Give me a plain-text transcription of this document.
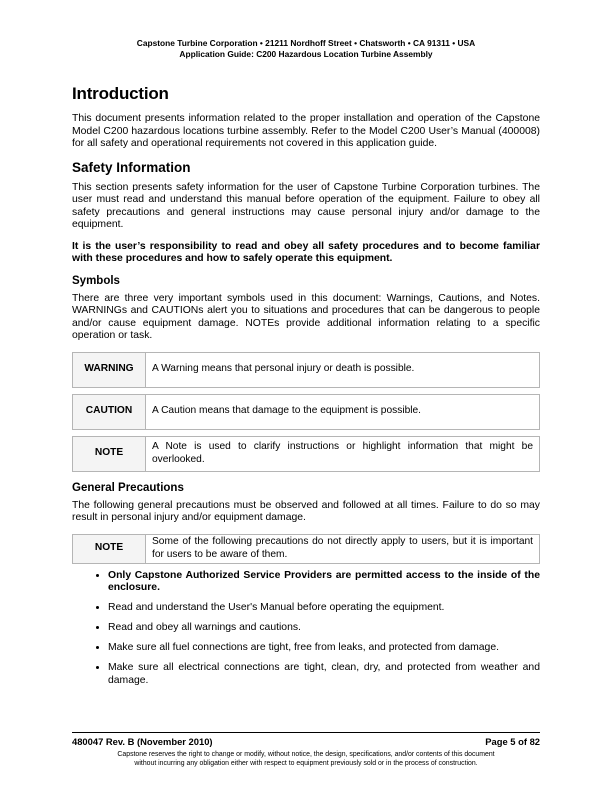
Capstone Turbine Corporation • 21211 Nordhoff Street • Chatsworth • CA 91311 • USA
Application Guide: C200 Hazardous Location Turbine Assembly
Introduction

This document presents information related to the proper installation and operation of the Capstone Model C200 hazardous locations turbine assembly. Refer to the Model C200 User’s Manual (400008) for all safety and operational requirements not covered in this application guide.

Safety Information

This section presents safety information for the user of Capstone Turbine Corporation turbines. The user must read and understand this manual before operation of the equipment. Failure to obey all safety precautions and general instructions may cause personal injury and/or damage to the equipment.

It is the user’s responsibility to read and obey all safety procedures and to become familiar with these procedures and how to safely operate this equipment.

Symbols

There are three very important symbols used in this document: Warnings, Cautions, and Notes. WARNINGs and CAUTIONs alert you to situations and procedures that can be dangerous to people and/or cause equipment damage. NOTEs provide additional information relating to a specific operation or task.

WARNING	A Warning means that personal injury or death is possible.
CAUTION	A Caution means that damage to the equipment is possible.
NOTE	A Note is used to clarify instructions or highlight information that might be overlooked.
General Precautions

The following general precautions must be observed and followed at all times. Failure to do so may result in personal injury and/or equipment damage.

NOTE	Some of the following precautions do not directly apply to users, but it is important for users to be aware of them.
• Only Capstone Authorized Service Providers are permitted access to the inside of the enclosure.
• Read and understand the User's Manual before operating the equipment.
• Read and obey all warnings and cautions.
• Make sure all fuel connections are tight, free from leaks, and protected from damage.
• Make sure all electrical connections are tight, clean, dry, and protected from weather and damage.
480047 Rev. B (November 2010)	Page 5 of 82
Capstone reserves the right to change or modify, without notice, the design, specifications, and/or contents of this document
without incurring any obligation either with respect to equipment previously sold or in the process of construction.
